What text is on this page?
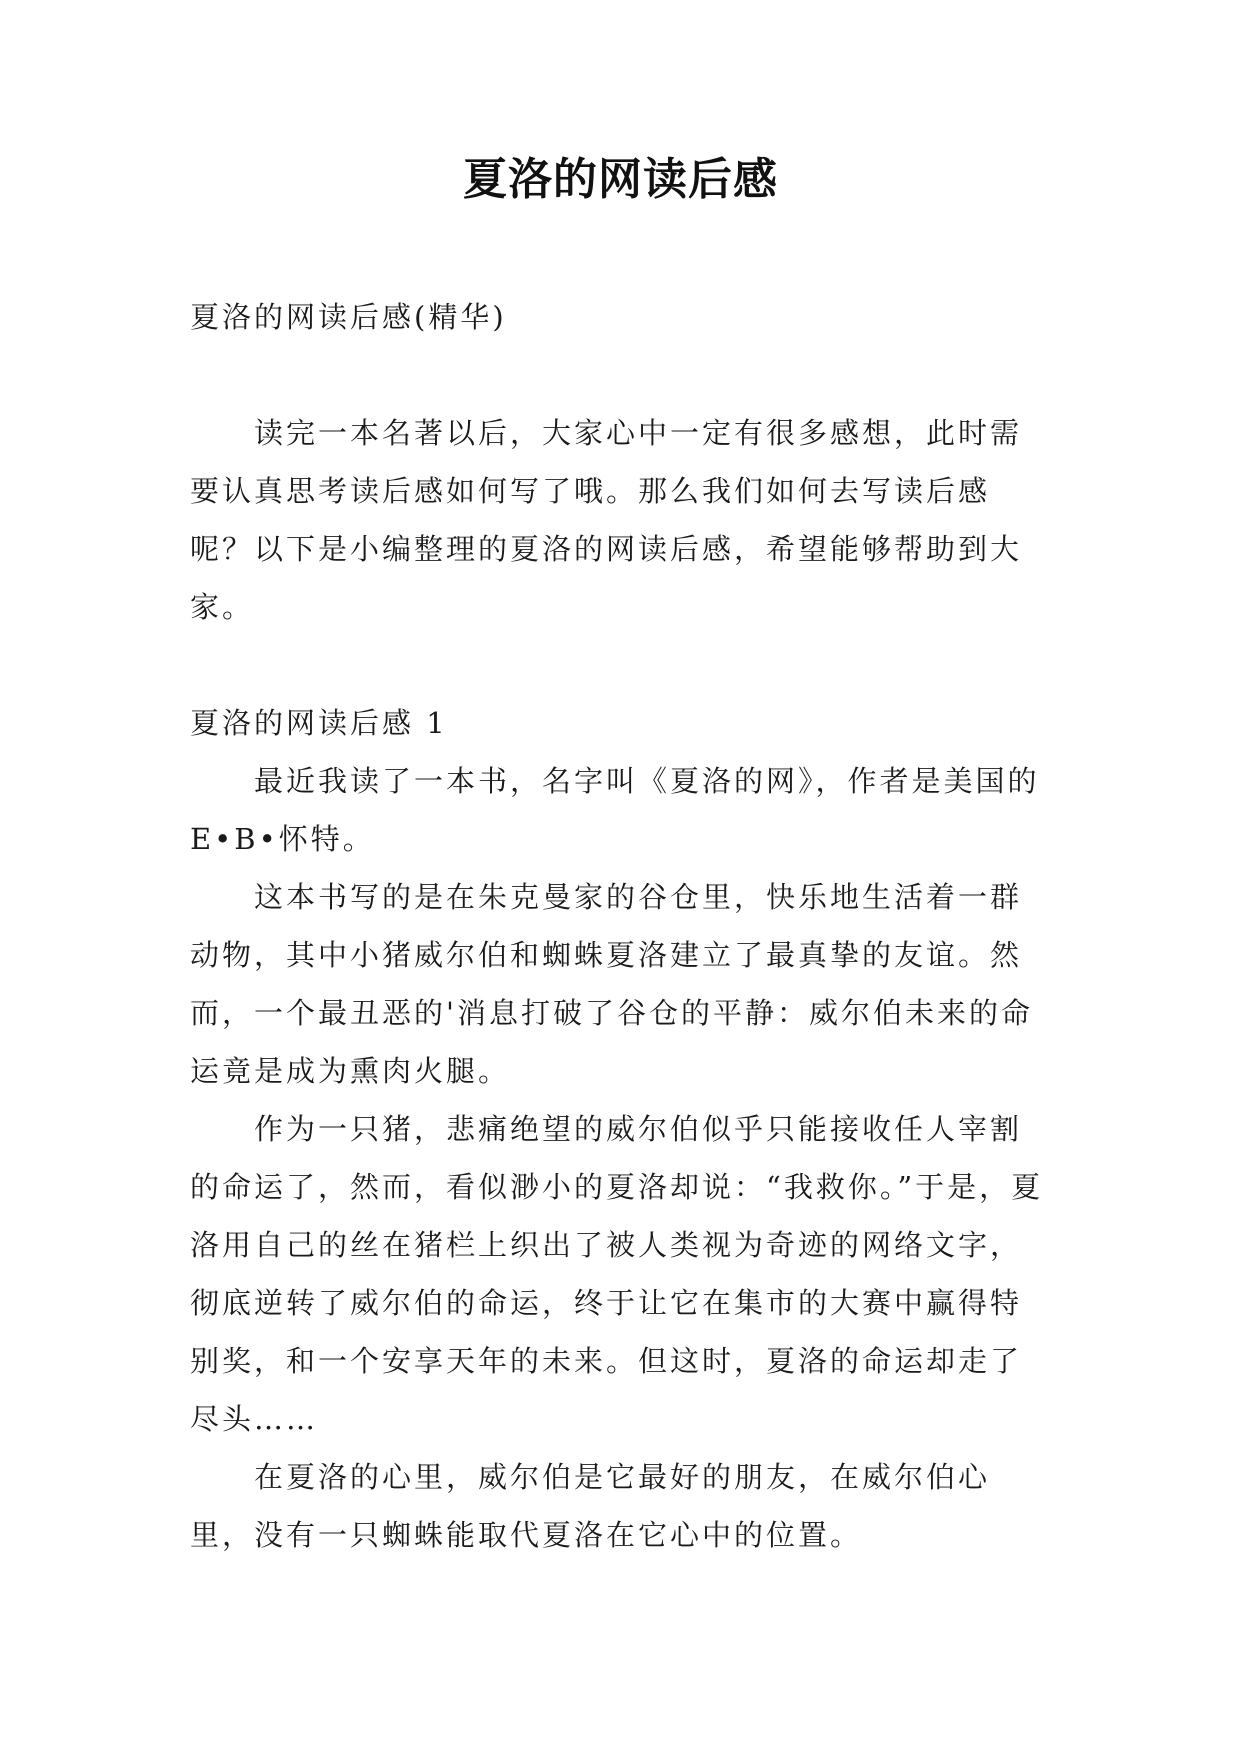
夏洛的网读后感

夏洛的网读后感(精华)

读完一本名著以后，大家心中一定有很多感想，此时需要认真思考读后感如何写了哦。那么我们如何去写读后感呢？以下是小编整理的夏洛的网读后感，希望能够帮助到大家。

夏洛的网读后感 1

最近我读了一本书，名字叫《夏洛的网》，作者是美国的E•B•怀特。

这本书写的是在朱克曼家的谷仓里，快乐地生活着一群动物，其中小猪威尔伯和蜘蛛夏洛建立了最真挚的友谊。然而，一个最丑恶的'消息打破了谷仓的平静：威尔伯未来的命运竟是成为熏肉火腿。

作为一只猪，悲痛绝望的威尔伯似乎只能接收任人宰割的命运了，然而，看似渺小的夏洛却说：“我救你。”于是，夏洛用自己的丝在猪栏上织出了被人类视为奇迹的网络文字，彻底逆转了威尔伯的命运，终于让它在集市的大赛中赢得特别奖，和一个安享天年的未来。但这时，夏洛的命运却走了尽头……

在夏洛的心里，威尔伯是它最好的朋友，在威尔伯心里，没有一只蜘蛛能取代夏洛在它心中的位置。
